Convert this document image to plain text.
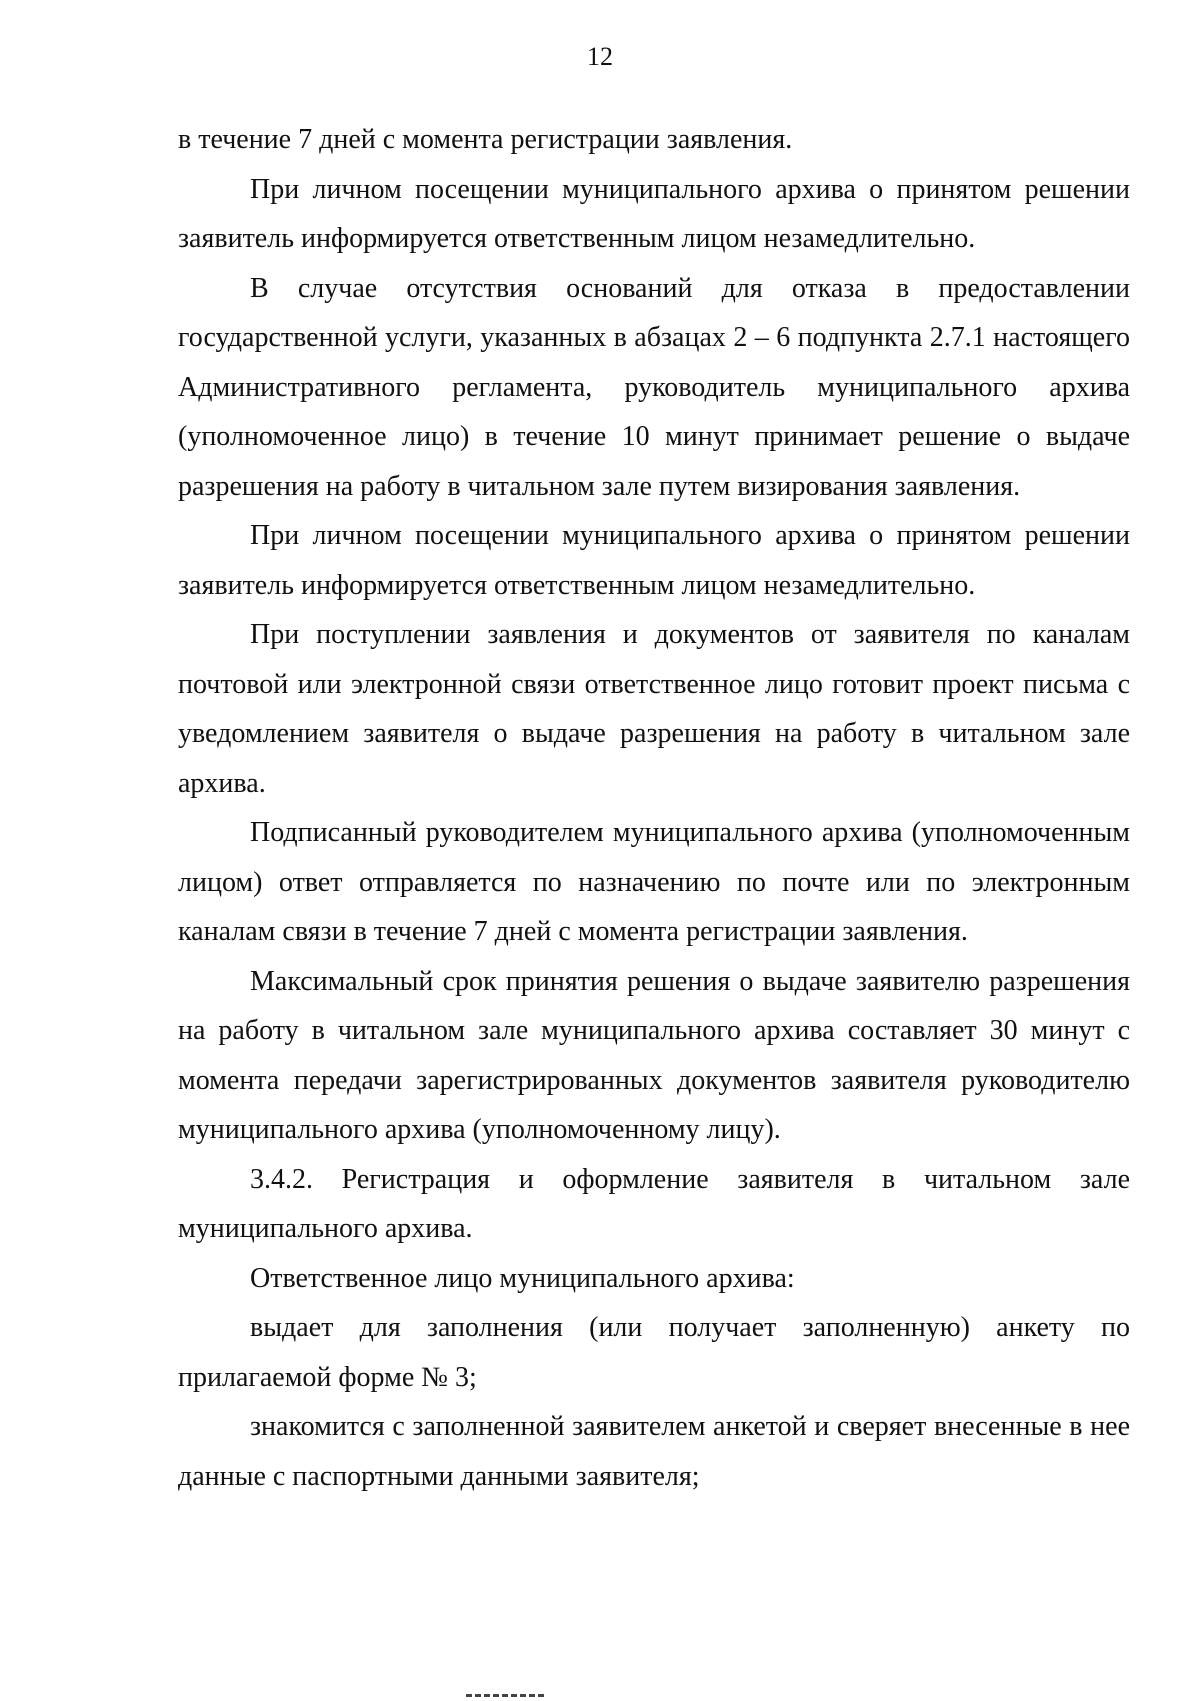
12

в течение 7 дней с момента регистрации заявления.

При личном посещении муниципального архива о принятом решении заявитель информируется ответственным лицом незамедлительно.

В случае отсутствия оснований для отказа в предоставлении государственной услуги, указанных в абзацах 2 – 6 подпункта 2.7.1 настоящего Административного регламента, руководитель муниципального архива (уполномоченное лицо) в течение 10 минут принимает решение о выдаче разрешения на работу в читальном зале путем визирования заявления.

При личном посещении муниципального архива о принятом решении заявитель информируется ответственным лицом незамедлительно.

При поступлении заявления и документов от заявителя по каналам почтовой или электронной связи ответственное лицо готовит проект письма с уведомлением заявителя о выдаче разрешения на работу в читальном зале архива.

Подписанный руководителем муниципального архива (уполномоченным лицом) ответ отправляется по назначению по почте или по электронным каналам связи в течение 7 дней с момента регистрации заявления.

Максимальный срок принятия решения о выдаче заявителю разрешения на работу в читальном зале муниципального архива составляет 30 минут с момента передачи зарегистрированных документов заявителя руководителю муниципального архива (уполномоченному лицу).

3.4.2. Регистрация и оформление заявителя в читальном зале муниципального архива.

Ответственное лицо муниципального архива:

выдает для заполнения (или получает заполненную) анкету по прилагаемой форме № 3;

знакомится с заполненной заявителем анкетой и сверяет внесенные в нее данные с паспортными данными заявителя;
